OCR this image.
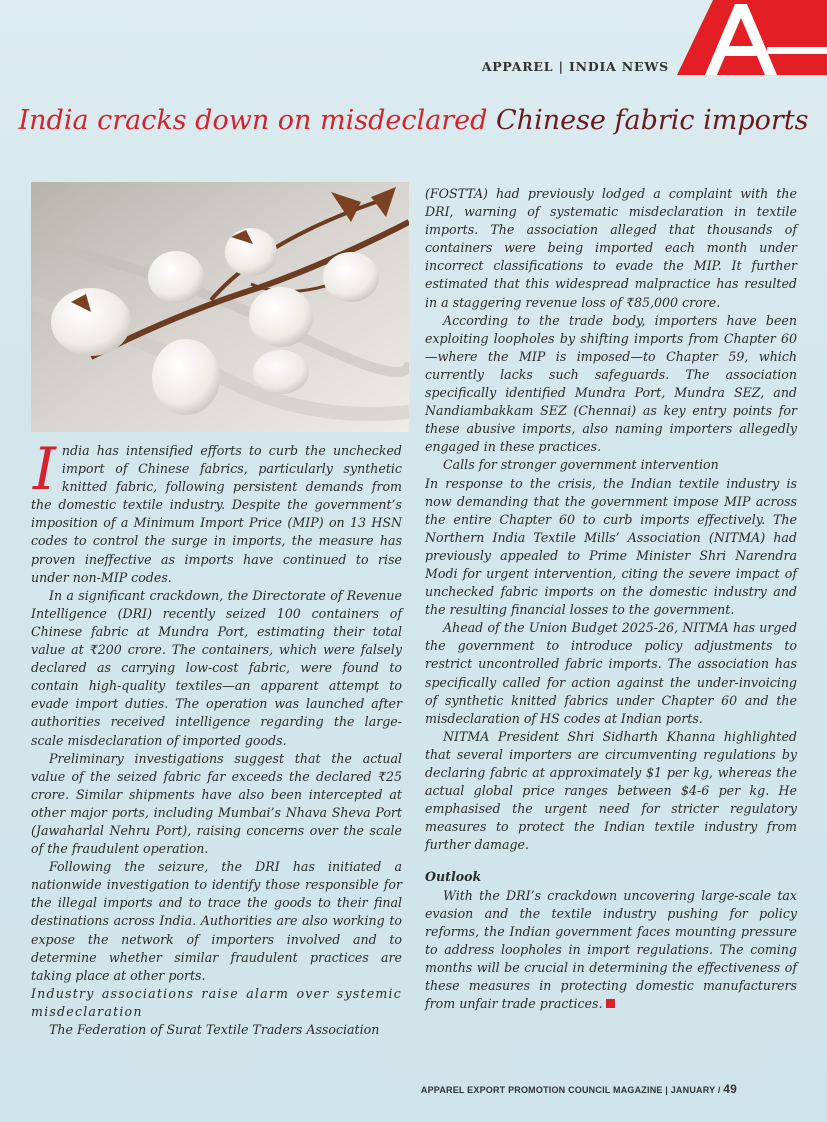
APPAREL | INDIA NEWS
India cracks down on misdeclared Chinese fabric imports

India has intensified efforts to curb the unchecked import of Chinese fabrics, particularly synthetic knitted fabric, following persistent demands from the domestic textile industry. Despite the government’s imposition of a Minimum Import Price (MIP) on 13 HSN codes to control the surge in imports, the measure has proven ineffective as imports have continued to rise under non-MIP codes.

In a significant crackdown, the Directorate of Revenue Intelligence (DRI) recently seized 100 containers of Chinese fabric at Mundra Port, estimating their total value at ₹200 crore. The containers, which were falsely declared as carrying low-cost fabric, were found to contain high-quality textiles—an apparent attempt to evade import duties. The operation was launched after authorities received intelligence regarding the large-scale misdeclaration of imported goods.

Preliminary investigations suggest that the actual value of the seized fabric far exceeds the declared ₹25 crore. Similar shipments have also been intercepted at other major ports, including Mumbai’s Nhava Sheva Port (Jawaharlal Nehru Port), raising concerns over the scale of the fraudulent operation.

Following the seizure, the DRI has initiated a nationwide investigation to identify those responsible for the illegal imports and to trace the goods to their final destinations across India. Authorities are also working to expose the network of importers involved and to determine whether similar fraudulent practices are taking place at other ports.

Industry associations raise alarm over systemic misdeclaration

The Federation of Surat Textile Traders Association

(FOSTTA) had previously lodged a complaint with the DRI, warning of systematic misdeclaration in textile imports. The association alleged that thousands of containers were being imported each month under incorrect classifications to evade the MIP. It further estimated that this widespread malpractice has resulted in a staggering revenue loss of ₹85,000 crore.

According to the trade body, importers have been exploiting loopholes by shifting imports from Chapter 60—where the MIP is imposed—to Chapter 59, which currently lacks such safeguards. The association specifically identified Mundra Port, Mundra SEZ, and Nandiambakkam SEZ (Chennai) as key entry points for these abusive imports, also naming importers allegedly engaged in these practices.

Calls for stronger government intervention

In response to the crisis, the Indian textile industry is now demanding that the government impose MIP across the entire Chapter 60 to curb imports effectively. The Northern India Textile Mills’ Association (NITMA) had previously appealed to Prime Minister Shri Narendra Modi for urgent intervention, citing the severe impact of unchecked fabric imports on the domestic industry and the resulting financial losses to the government.

Ahead of the Union Budget 2025-26, NITMA has urged the government to introduce policy adjustments to restrict uncontrolled fabric imports. The association has specifically called for action against the under-invoicing of synthetic knitted fabrics under Chapter 60 and the misdeclaration of HS codes at Indian ports.

NITMA President Shri Sidharth Khanna highlighted that several importers are circumventing regulations by declaring fabric at approximately $1 per kg, whereas the actual global price ranges between $4-6 per kg. He emphasised the urgent need for stricter regulatory measures to protect the Indian textile industry from further damage.

Outlook

With the DRI’s crackdown uncovering large-scale tax evasion and the textile industry pushing for policy reforms, the Indian government faces mounting pressure to address loopholes in import regulations. The coming months will be crucial in determining the effectiveness of these measures in protecting domestic manufacturers from unfair trade practices.

APPAREL EXPORT PROMOTION COUNCIL MAGAZINE | JANUARY / 49
